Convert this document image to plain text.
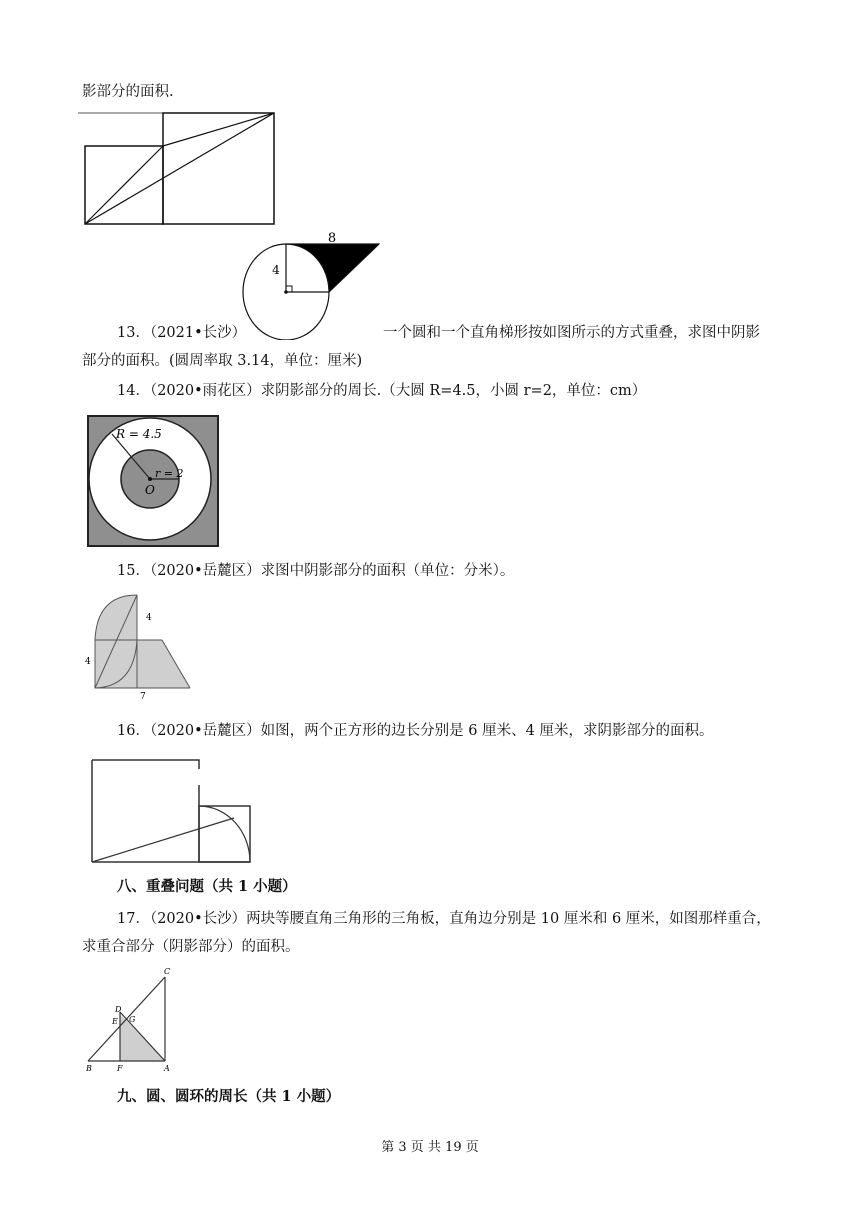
影部分的面积.
8
4
13．（2021•长沙）	一个圆和一个直角梯形按如图所示的方式重叠，求图中阴影
部分的面积。(圆周率取 3.14，单位：厘米)
14．（2020•雨花区）求阴影部分的周长.（大圆 R=4.5，小圆 r=2，单位：cm）
R = 4.5
r = 2
O
15．（2020•岳麓区）求图中阴影部分的面积（单位：分米）。
4
4
7
16．（2020•岳麓区）如图，两个正方形的边长分别是 6 厘米、4 厘米，求阴影部分的面积。
八、重叠问题（共 1 小题）
17．（2020•长沙）两块等腰直角三角形的三角板，直角边分别是 10 厘米和 6 厘米，如图那样重合，
求重合部分（阴影部分）的面积。
C
D
E G
B	F	A
九、圆、圆环的周长（共 1 小题）
第 3 页 共 19 页
